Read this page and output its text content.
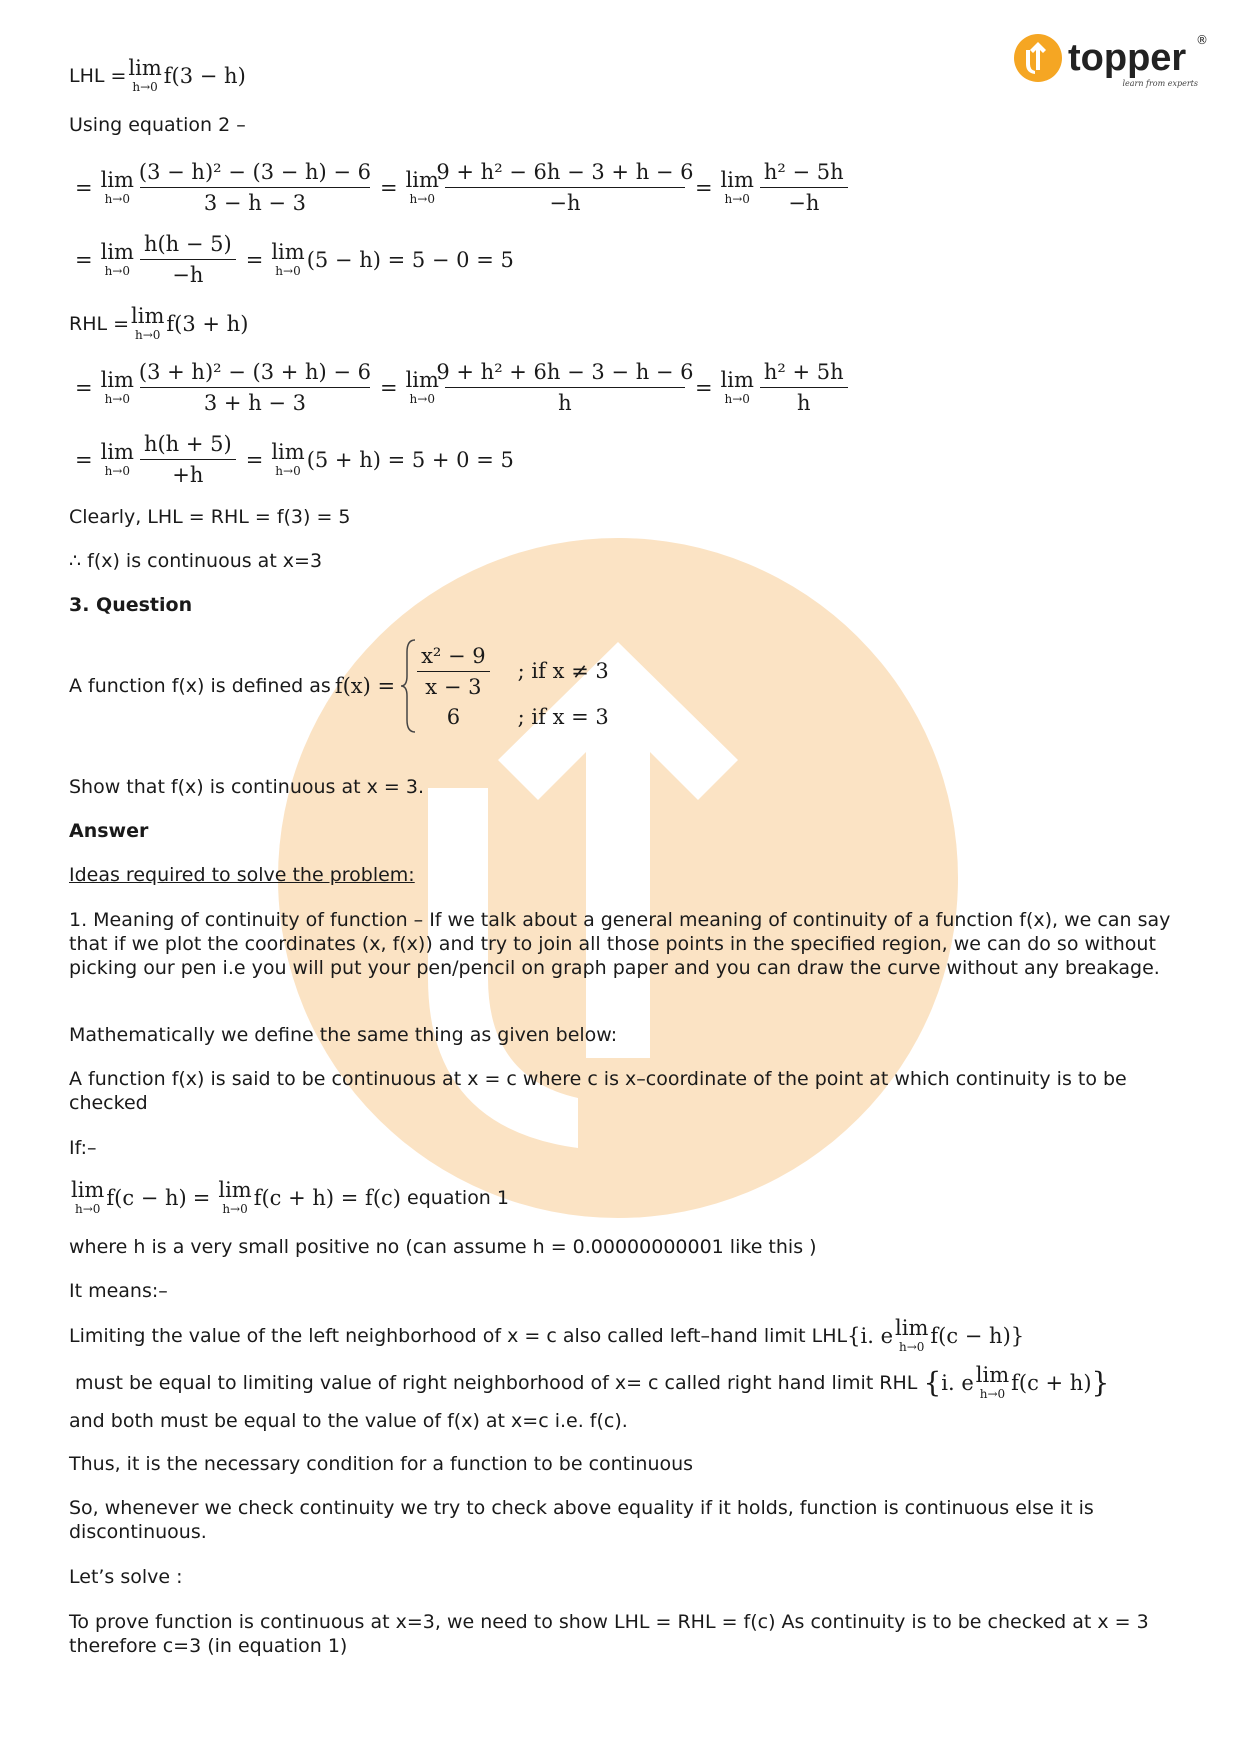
topper ®
learn from experts
LHL = lim
h→0 f(3 − h)
Using equation 2 –
= lim
$h\to 0 \frac{\text{(3 − h)² − (3 − h) − 6}}{3 - h - 3} = \lim$
$h\to 0 \frac{\text{9 + h² − 6h − 3 + h − 6}}{-h} = \lim$
$h\to 0 \frac{\text{h² − 5h}}{-h}$
= lim
$h\to 0 \frac{h(h - 5)}{-h} = \lim$
h→0 (5 − h) = 5 − 0 = 5
RHL = lim
h→0 f(3 + h)
= lim
$h\to 0 \frac{\text{(3 + h)² − (3 + h) − 6}}{3 + h - 3} = \lim$
$h\to 0 \frac{\text{9 + h² + 6h − 3 − h − 6}}{h} = \lim$
$h\to 0 \frac{\text{h² + 5h}}{h}$
= lim
$h\to 0 \frac{h(h + 5)}{+h} = \lim$
h→0 (5 + h) = 5 + 0 = 5
Clearly, LHL = RHL = f(3) = 5
∴ f(x) is continuous at x=3
3. Question
A function f(x) is defined as $f(x) = \frac{\text{x² − 9}}{x - 3}$ ; if x ≠ 3
6	; if x = 3
Show that f(x) is continuous at x = 3.
Answer
Ideas required to solve the problem:
1. Meaning of continuity of function – If we talk about a general meaning of continuity of a function f(x), we can say that if we plot the coordinates (x, f(x)) and try to join all those points in the specified region, we can do so without picking our pen i.e you will put your pen/pencil on graph paper and you can draw the curve without any breakage.
Mathematically we define the same thing as given below:
A function f(x) is said to be continuous at x = c where c is x–coordinate of the point at which continuity is to be checked
If:–
lim
h→0 f(c − h) = lim
h→0 f(c + h) = f(c) equation 1
where h is a very small positive no (can assume h = 0.00000000001 like this )
It means:–
Limiting the value of the left neighborhood of x = c also called left–hand limit LHL { i. e lim
h→0 f(c − h) }
must be equal to limiting value of right neighborhood of x= c called right hand limit RHL { i. e lim
h→0 f(c + h) }
and both must be equal to the value of f(x) at x=c i.e. f(c).
Thus, it is the necessary condition for a function to be continuous
So, whenever we check continuity we try to check above equality if it holds, function is continuous else it is discontinuous.
Let’s solve :
To prove function is continuous at x=3, we need to show LHL = RHL = f(c) As continuity is to be checked at x = 3 therefore c=3 (in equation 1)
